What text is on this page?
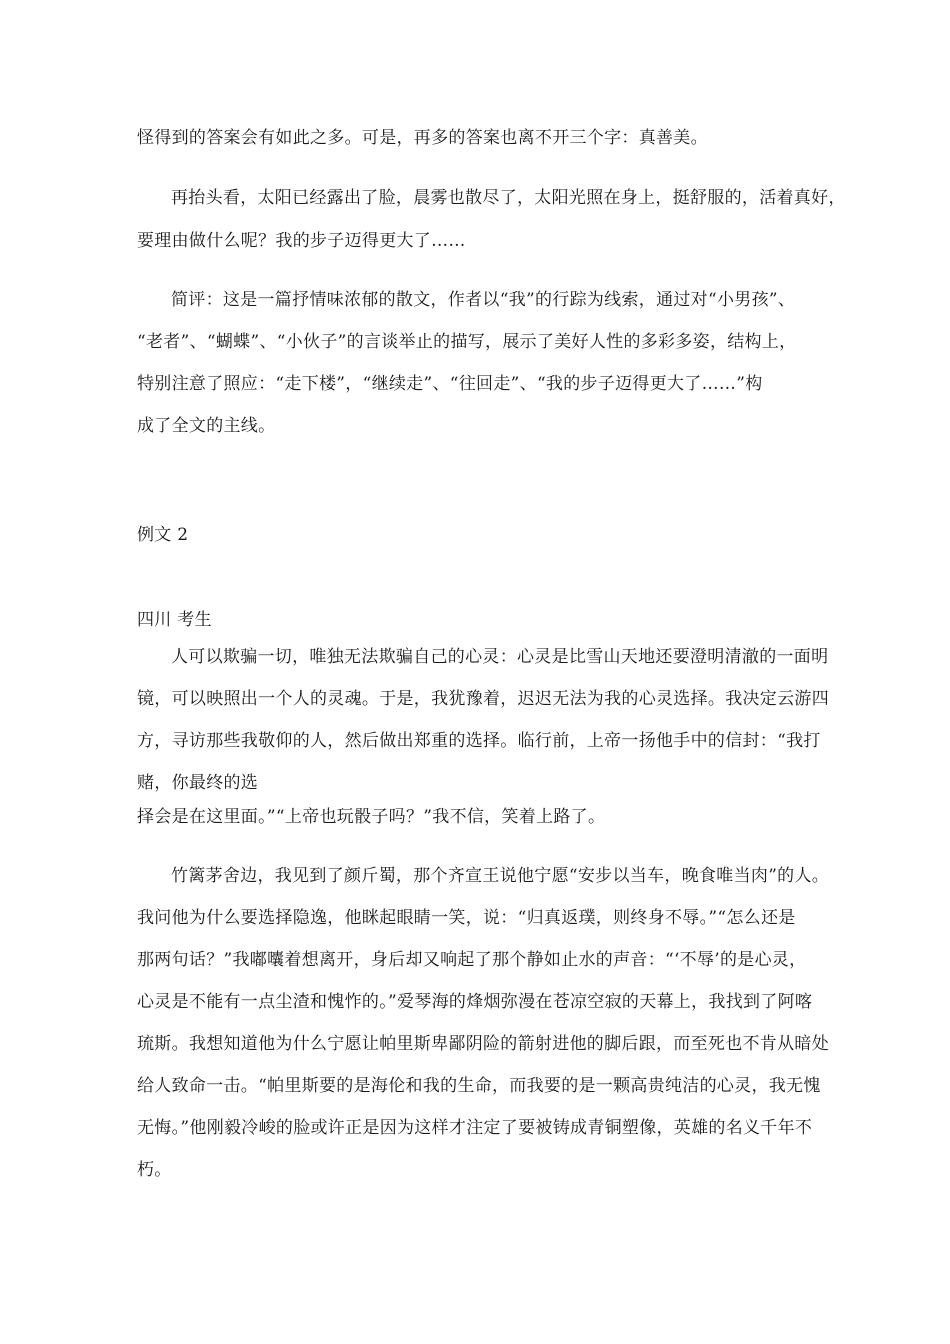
怪得到的答案会有如此之多。可是，再多的答案也离不开三个字：真善美。
再抬头看，太阳已经露出了脸，晨雾也散尽了，太阳光照在身上，挺舒服的，活着真好，
要理由做什么呢？我的步子迈得更大了……
简评：这是一篇抒情味浓郁的散文，作者以“我”的行踪为线索，通过对“小男孩”、
“老者”、“蝴蝶”、“小伙子”的言谈举止的描写，展示了美好人性的多彩多姿，结构上，
特别注意了照应：“走下楼”，“继续走”、“往回走”、“我的步子迈得更大了……”构
成了全文的主线。
例文 2
四川 考生
人可以欺骗一切，唯独无法欺骗自己的心灵：心灵是比雪山天地还要澄明清澈的一面明
镜，可以映照出一个人的灵魂。于是，我犹豫着，迟迟无法为我的心灵选择。我决定云游四
方，寻访那些我敬仰的人，然后做出郑重的选择。临行前，上帝一扬他手中的信封：“我打
赌，你最终的选
择会是在这里面。”“上帝也玩骰子吗？”我不信，笑着上路了。
竹篱茅舍边，我见到了颜斤蜀，那个齐宣王说他宁愿“安步以当车，晚食唯当肉”的人。
我问他为什么要选择隐逸，他眯起眼睛一笑，说：“归真返璞，则终身不辱。”“怎么还是
那两句话？”我嘟囔着想离开，身后却又响起了那个静如止水的声音：“‘不辱’的是心灵，
心灵是不能有一点尘渣和愧怍的。”爱琴海的烽烟弥漫在苍凉空寂的天幕上，我找到了阿喀
琉斯。我想知道他为什么宁愿让帕里斯卑鄙阴险的箭射进他的脚后跟，而至死也不肯从暗处
给人致命一击。“帕里斯要的是海伦和我的生命，而我要的是一颗高贵纯洁的心灵，我无愧
无悔。”他刚毅冷峻的脸或许正是因为这样才注定了要被铸成青铜塑像，英雄的名义千年不
朽。
